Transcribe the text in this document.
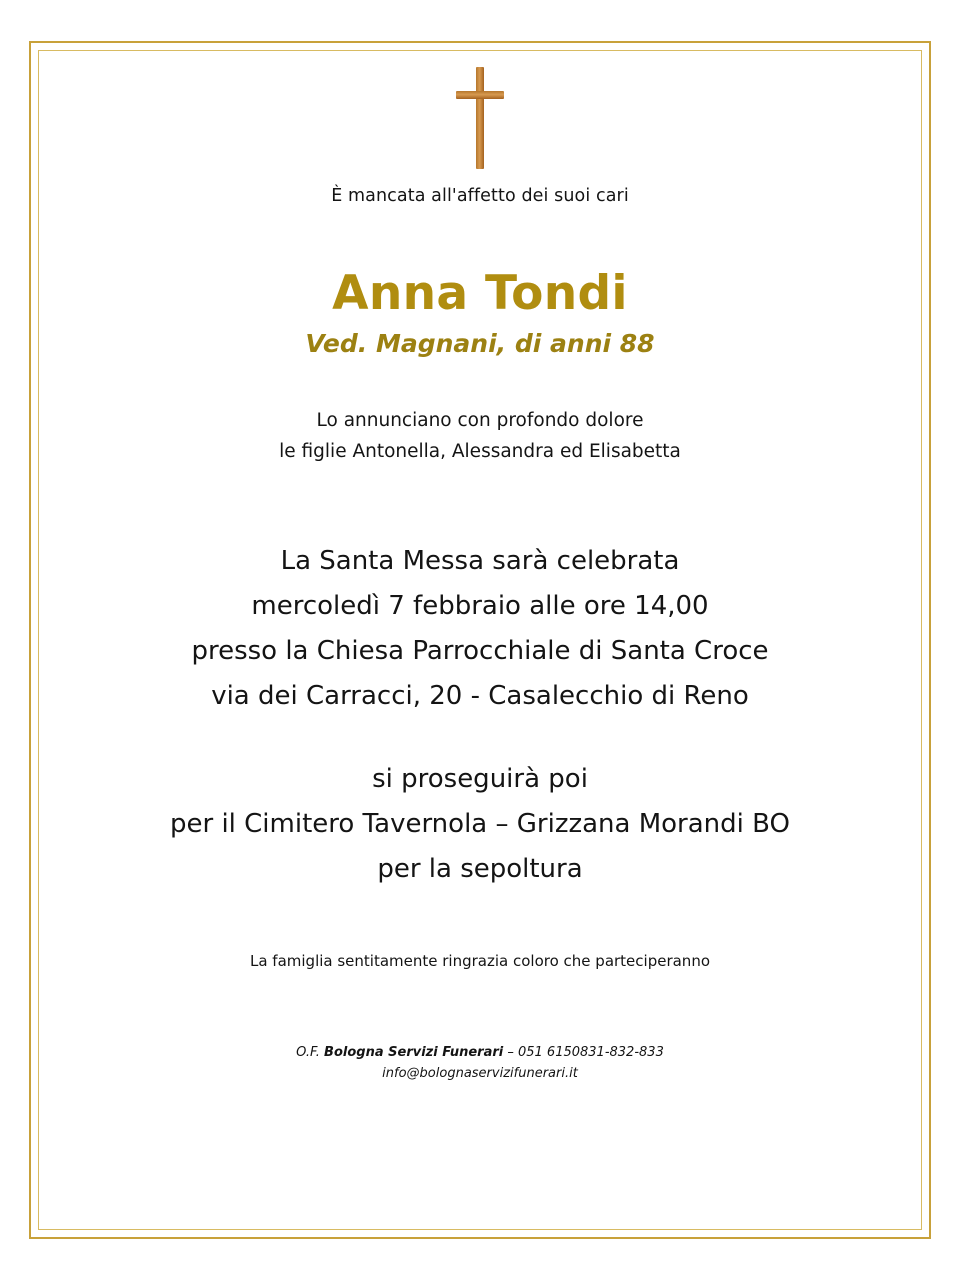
È mancata all'affetto dei suoi cari
Anna Tondi
Ved. Magnani, di anni 88
Lo annunciano con profondo dolore
le figlie Antonella, Alessandra ed Elisabetta
La Santa Messa sarà celebrata
mercoledì 7 febbraio alle ore 14,00
presso la Chiesa Parrocchiale di Santa Croce
via dei Carracci, 20 - Casalecchio di Reno
si proseguirà poi
per il Cimitero Tavernola – Grizzana Morandi BO
per la sepoltura
La famiglia sentitamente ringrazia coloro che parteciperanno
O.F. Bologna Servizi Funerari – 051 6150831-832-833
info@bolognaservizifunerari.it
